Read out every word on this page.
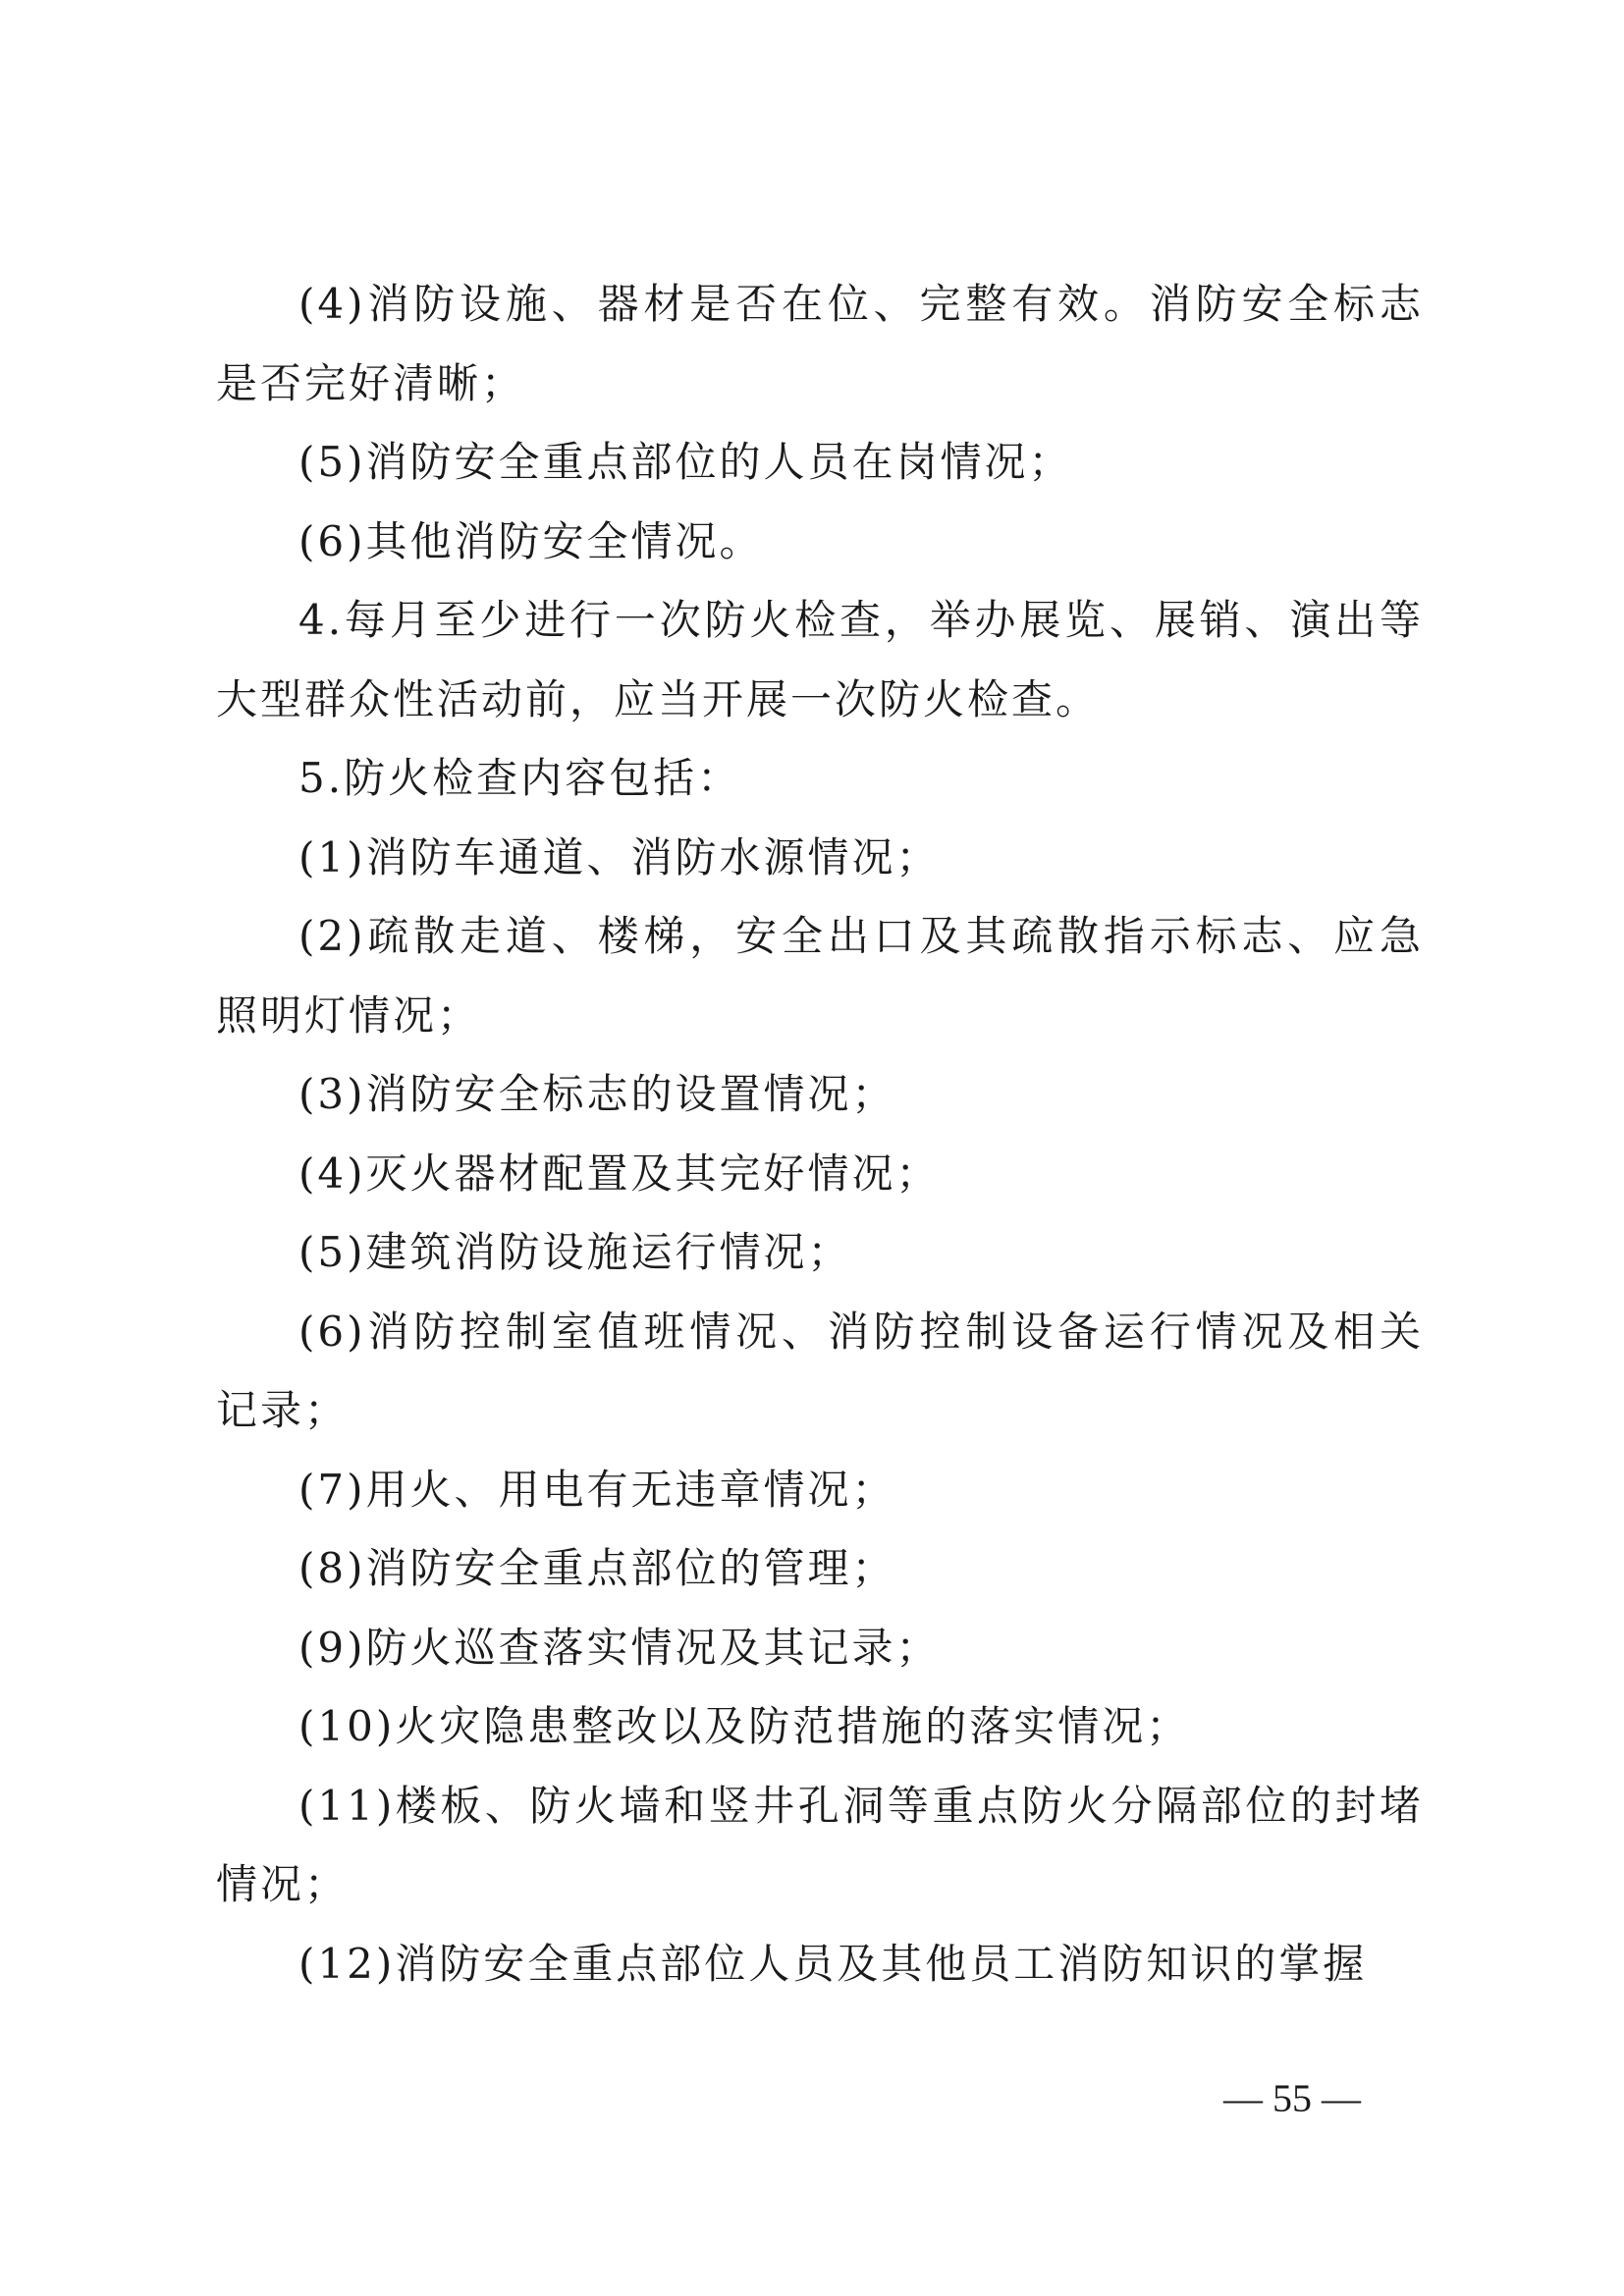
(4)消防设施、器材是否在位、完整有效。消防安全标志是否完好清晰；

(5)消防安全重点部位的人员在岗情况；

(6)其他消防安全情况。

4.每月至少进行一次防火检查，举办展览、展销、演出等大型群众性活动前，应当开展一次防火检查。

5.防火检查内容包括：

(1)消防车通道、消防水源情况；

(2)疏散走道、楼梯，安全出口及其疏散指示标志、应急照明灯情况；

(3)消防安全标志的设置情况；

(4)灭火器材配置及其完好情况；

(5)建筑消防设施运行情况；

(6)消防控制室值班情况、消防控制设备运行情况及相关记录；

(7)用火、用电有无违章情况；

(8)消防安全重点部位的管理；

(9)防火巡查落实情况及其记录；

(10)火灾隐患整改以及防范措施的落实情况；

(11)楼板、防火墙和竖井孔洞等重点防火分隔部位的封堵情况；

(12)消防安全重点部位人员及其他员工消防知识的掌握

— 55 —
